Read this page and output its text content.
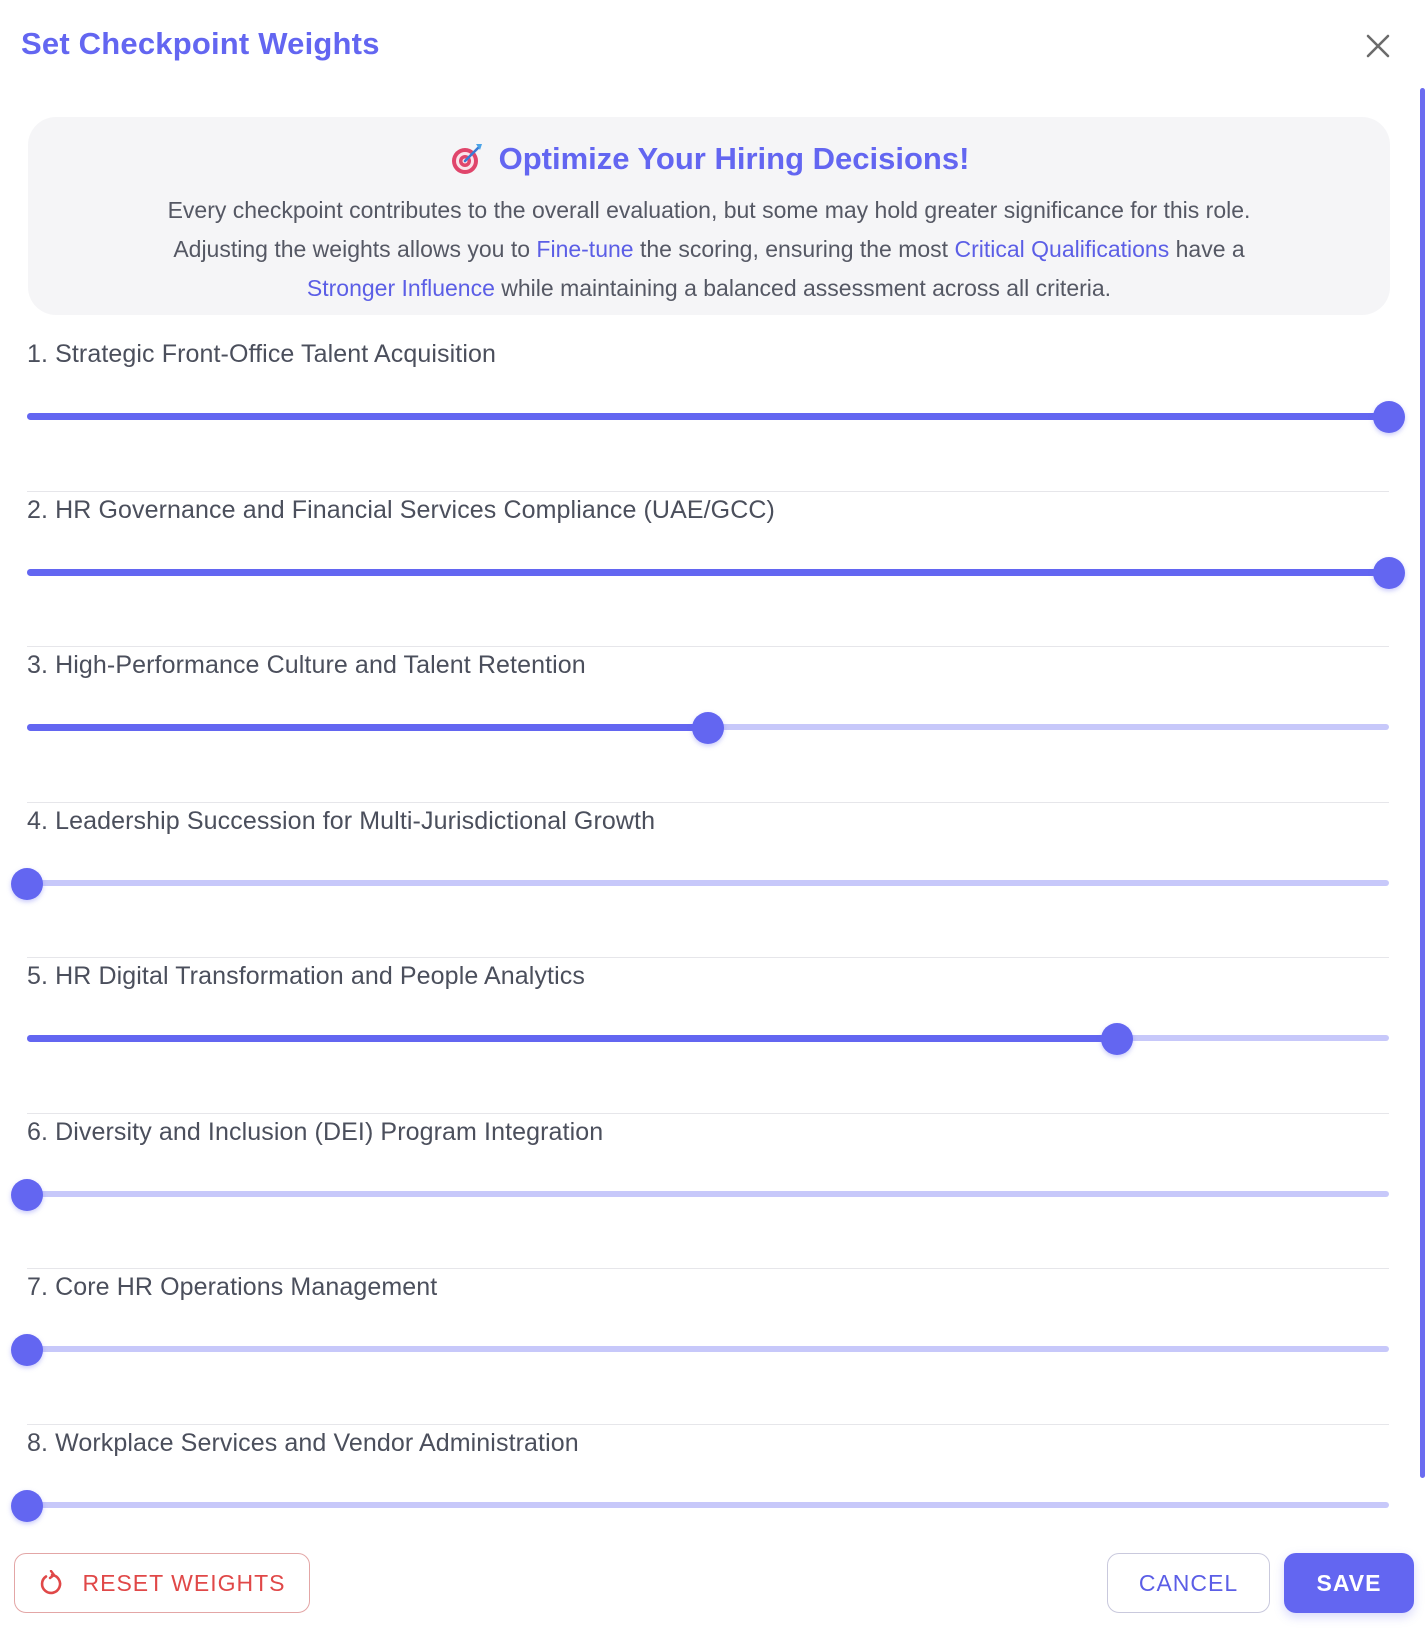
Set Checkpoint Weights
Optimize Your Hiring Decisions!
Every checkpoint contributes to the overall evaluation, but some may hold greater significance for this role.
Adjusting the weights allows you to Fine-tune the scoring, ensuring the most Critical Qualifications have a
Stronger Influence while maintaining a balanced assessment across all criteria.
1. Strategic Front-Office Talent Acquisition
2. HR Governance and Financial Services Compliance (UAE/GCC)
3. High-Performance Culture and Talent Retention
4. Leadership Succession for Multi-Jurisdictional Growth
5. HR Digital Transformation and People Analytics
6. Diversity and Inclusion (DEI) Program Integration
7. Core HR Operations Management
8. Workplace Services and Vendor Administration
RESET WEIGHTS	CANCEL	SAVE
